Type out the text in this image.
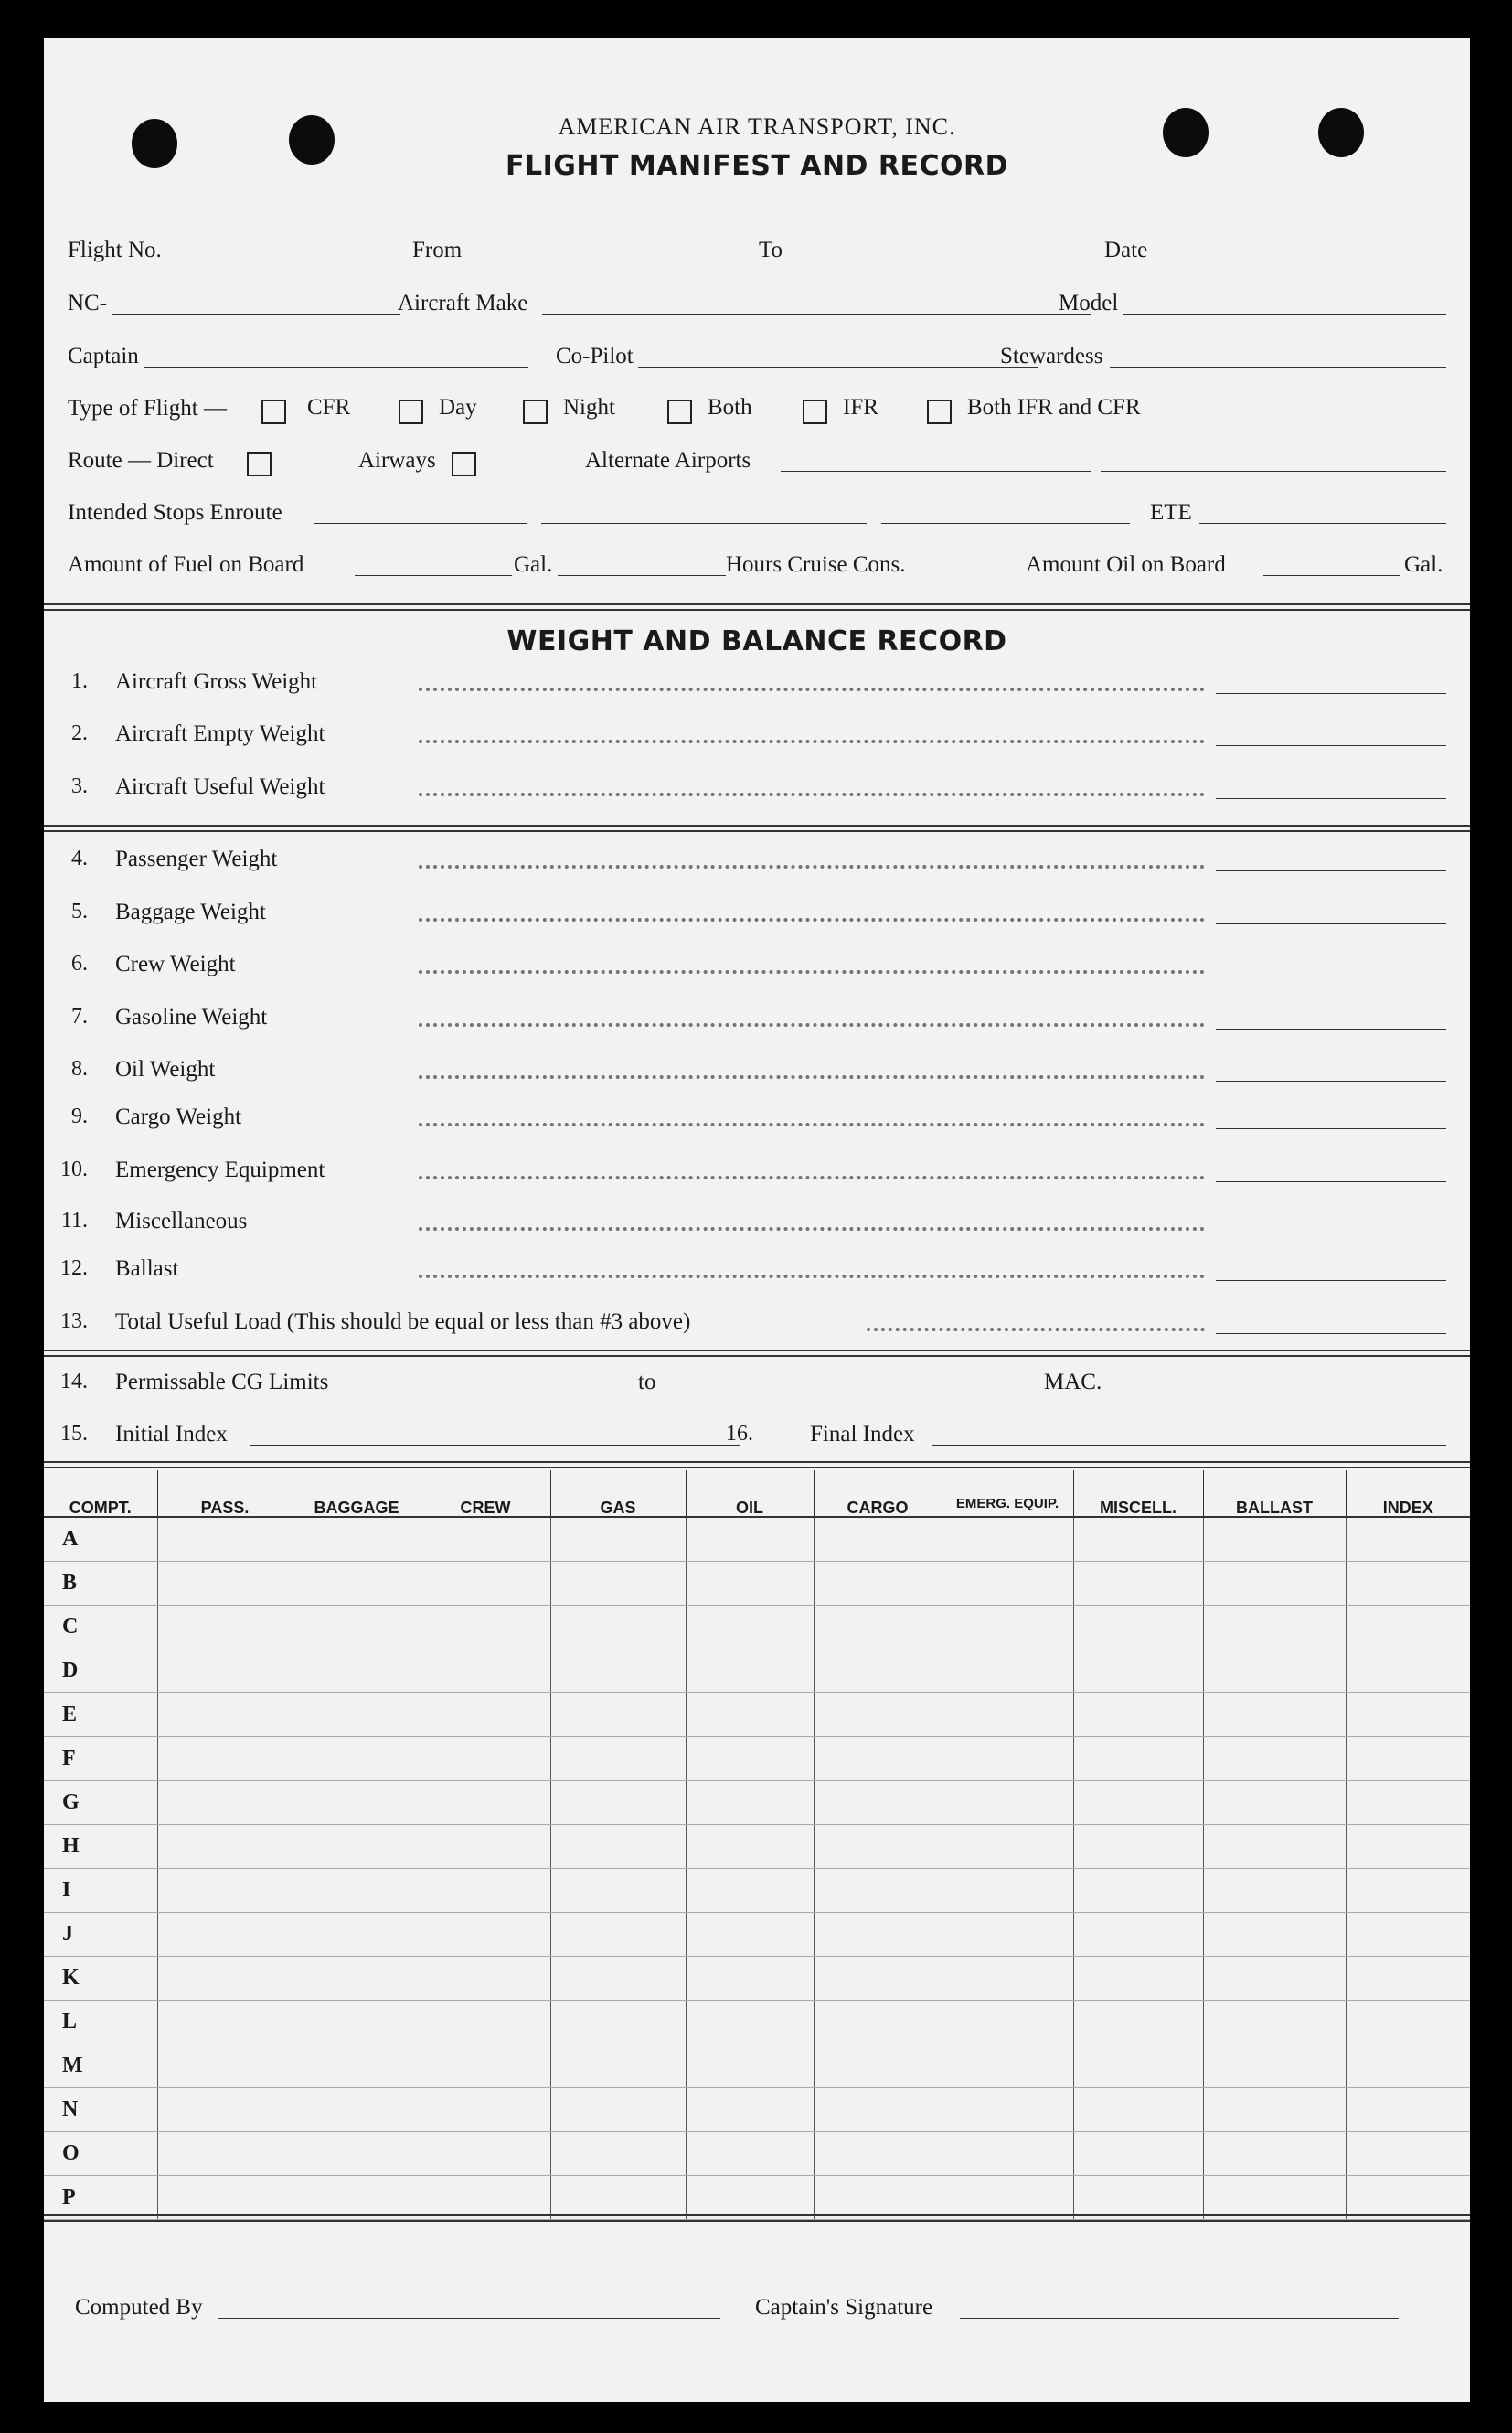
AMERICAN AIR TRANSPORT, INC.
FLIGHT MANIFEST AND RECORD
Flight No.	From	To	Date
NC-	Aircraft Make	Model
Captain	Co-Pilot	Stewardess
Type of Flight —	CFR	Day	Night	Both	IFR	Both IFR and CFR
Route — Direct	Airways	Alternate Airports
Intended Stops Enroute	ETE
Amount of Fuel on Board	Gal.	Hours Cruise Cons.	Amount Oil on Board	Gal.
WEIGHT AND BALANCE RECORD
1. Aircraft Gross Weight
2. Aircraft Empty Weight
3. Aircraft Useful Weight
4. Passenger Weight
5. Baggage Weight
6. Crew Weight
7. Gasoline Weight
8. Oil Weight
9. Cargo Weight
10. Emergency Equipment
11. Miscellaneous
12. Ballast
13. Total Useful Load (This should be equal or less than #3 above)
14. Permissable CG Limits	to	MAC.
15. Initial Index	16. Final Index
COMPT.	PASS.	BAGGAGE	CREW	GAS	OIL	CARGO	EMERG. EQUIP.	MISCELL.	BALLAST	INDEX
A										
B										
C										
D										
E										
F										
G										
H										
I										
J										
K										
L										
M										
N										
O										
P										
Computed By	Captain's Signature
